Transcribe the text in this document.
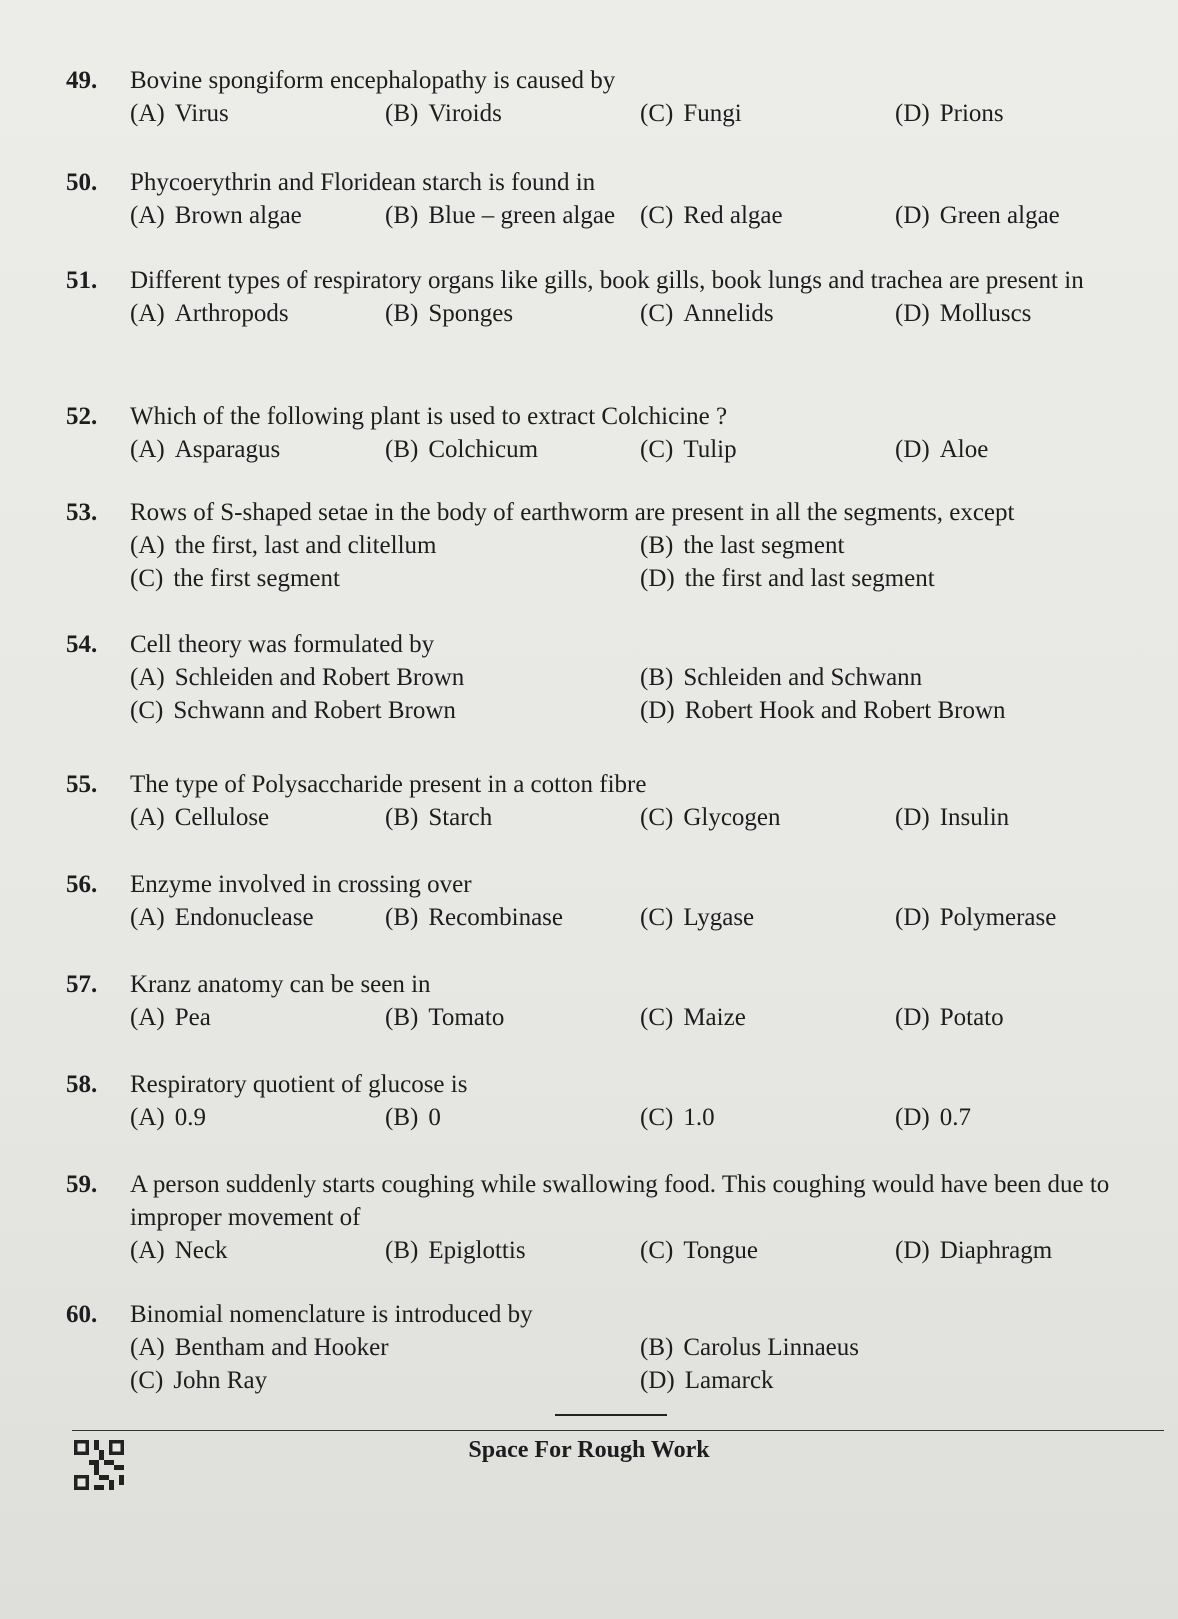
49.	Bovine spongiform encephalopathy is caused by
(A) Virus	(B) Viroids	(C) Fungi	(D) Prions
50.	Phycoerythrin and Floridean starch is found in
(A) Brown algae	(B) Blue – green algae (C) Red algae	(D) Green algae
51.	Different types of respiratory organs like gills, book gills, book lungs and trachea are present in
(A) Arthropods	(B) Sponges	(C) Annelids	(D) Molluscs
52.	Which of the following plant is used to extract Colchicine ?
(A) Asparagus	(B) Colchicum	(C) Tulip	(D) Aloe
53.	Rows of S-shaped setae in the body of earthworm are present in all the segments, except
(A) the first, last and clitellum	(B) the last segment
(C) the first segment	(D) the first and last segment
54.	Cell theory was formulated by
(A) Schleiden and Robert Brown	(B) Schleiden and Schwann
(C) Schwann and Robert Brown	(D) Robert Hook and Robert Brown
55.	The type of Polysaccharide present in a cotton fibre
(A) Cellulose	(B) Starch	(C) Glycogen	(D) Insulin
56.	Enzyme involved in crossing over
(A) Endonuclease	(B) Recombinase	(C) Lygase	(D) Polymerase
57.	Kranz anatomy can be seen in
(A) Pea	(B) Tomato	(C) Maize	(D) Potato
58.	Respiratory quotient of glucose is
(A) 0.9	(B) 0	(C) 1.0	(D) 0.7
59.	A person suddenly starts coughing while swallowing food. This coughing would have been due to improper movement of
(A) Neck	(B) Epiglottis	(C) Tongue	(D) Diaphragm
60.	Binomial nomenclature is introduced by
(A) Bentham and Hooker	(B) Carolus Linnaeus
(C) John Ray	(D) Lamarck
Space For Rough Work
